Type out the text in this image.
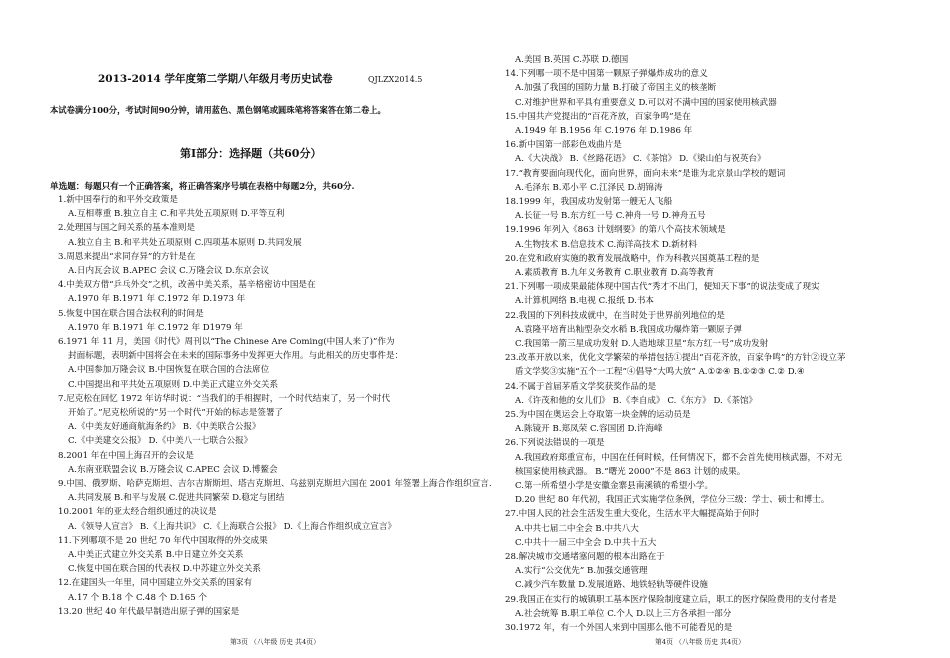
2013-2014 学年度第二学期八年级月考历史试卷	QJLZX2014.5
本试卷满分100分，考试时间90分钟，请用蓝色、黑色钢笔或圆珠笔将答案答在第二卷上。
第Ⅰ部分：选择题（共60分）
单选题：每题只有一个正确答案，将正确答案序号填在表格中每题2分，共60分.
1.新中国奉行的和平外交政策是
A.互相尊重 B.独立自主 C.和平共处五项原则 D.平等互利
2.处理国与国之间关系的基本准则是
A.独立自主 B.和平共处五项原则 C.四项基本原则 D.共同发展
3.周恩来提出“求同存异”的方针是在
A.日内瓦会议 B.APEC 会议 C.万隆会议 D.东京会议
4.中美双方借“乒乓外交”之机，改善中美关系，基辛格密访中国是在
A.1970 年 B.1971 年 C.1972 年 D.1973 年
5.恢复中国在联合国合法权利的时间是
A.1970 年 B.1971 年 C.1972 年 D1979 年
6.1971 年 11 月，美国《时代》周刊以“The Chinese Are Coming(中国人来了)”作为
封面标题，表明新中国将会在未来的国际事务中发挥更大作用。与此相关的历史事件是：
A.中国参加万隆会议 B.中国恢复在联合国的合法席位
C.中国提出和平共处五项原则 D.中美正式建立外交关系
7.尼克松在回忆 1972 年访华时说：“当我们的手相握时，一个时代结束了，另一个时代
开始了。”尼克松所说的“另一个时代”开始的标志是签署了
A.《中美友好通商航海条约》 B.《中美联合公报》
C.《中美建交公报》 D.《中美八一七联合公报》
8.2001 年在中国上海召开的会议是
A.东南亚联盟会议 B.万隆会议 C.APEC 会议 D.博鳌会
9.中国、俄罗斯、哈萨克斯坦、吉尔吉斯斯坦、塔吉克斯坦、乌兹别克斯坦六国在 2001 年签署上海合作组织宣言.
A.共同发展 B.和平与发展 C.促进共同繁荣 D.稳定与团结
10.2001 年的亚太经合组织通过的决议是
A.《领导人宣言》 B.《上海共识》 C.《上海联合公报》 D.《上海合作组织成立宣言》
11.下列哪项不是 20 世纪 70 年代中国取得的外交成果
A.中美正式建立外交关系 B.中日建立外交关系
C.恢复中国在联合国的代表权 D.中苏建立外交关系
12.在建国头一年里，同中国建立外交关系的国家有
A.17 个 B.18 个 C.48 个 D.165 个
13.20 世纪 40 年代最早制造出原子弹的国家是
第3页 （八年级 历史 共4页）
A.美国 B.英国 C.苏联 D.德国
14.下列哪一项不是中国第一颗原子弹爆炸成功的意义
A.加强了我国的国防力量 B.打破了帝国主义的核垄断
C.对维护世界和平具有重要意义 D.可以对不满中国的国家使用核武器
15.中国共产党提出的“百花齐放，百家争鸣”是在
A.1949 年 B.1956 年 C.1976 年 D.1986 年
16.新中国第一部彩色戏曲片是
A.《大决战》 B.《丝路花语》 C.《茶馆》 D.《梁山伯与祝英台》
17.“教育要面向现代化，面向世界，面向未来”是谁为北京景山学校的题词
A.毛泽东 B.邓小平 C.江泽民 D.胡锦涛
18.1999 年，我国成功发射第一艘无人飞船
A.长征一号 B.东方红一号 C.神舟一号 D.神舟五号
19.1996 年列入《863 计划纲要》的第八个高技术领域是
A.生物技术 B.信息技术 C.海洋高技术 D.新材料
20.在党和政府实施的教育发展战略中，作为科教兴国奠基工程的是
A.素质教育 B.九年义务教育 C.职业教育 D.高等教育
21.下列哪一项成果最能体现中国古代“秀才不出门，便知天下事”的说法变成了现实
A.计算机网络 B.电视 C.报纸 D.书本
22.我国的下列科技成就中，在当时处于世界前列地位的是
A.袁隆平培育出籼型杂交水稻 B.我国成功爆炸第一颗原子弹
C.我国第一箭三星成功发射 D.人造地球卫星“东方红一号”成功发射
23.改革开放以来，优化文学繁荣的举措包括①提出“百花齐放，百家争鸣”的方针②设立茅
盾文学奖③实施“五个一工程”④倡导“大鸣大放” A.①②④ B.①②③ C.② D.④
24.不属于首届茅盾文学奖获奖作品的是
A.《许茂和他的女儿们》 B.《李自成》 C.《东方》 D.《茶馆》
25.为中国在奥运会上夺取第一块金牌的运动员是
A.陈镜开 B.郑凤荣 C.容国团 D.许海峰
26.下列说法错误的一项是
A.我国政府郑重宣布，中国在任何时候，任何情况下，都不会首先使用核武器，不对无
核国家使用核武器。 B.“曙光 2000”不是 863 计划的成果。
C.第一所希望小学是安徽金寨县南溪镇的希望小学。
D.20 世纪 80 年代初，我国正式实施学位条例，学位分三级：学士、硕士和博士。
27.中国人民的社会生活发生重大变化，生活水平大幅提高始于何时
A.中共七届二中全会 B.中共八大
C.中共十一届三中全会 D.中共十五大
28.解决城市交通堵塞问题的根本出路在于
A.实行“公交优先” B.加强交通管理
C.减少汽车数量 D.发展道路、地铁轻轨等硬件设施
29.我国正在实行的城镇职工基本医疗保险制度建立后，职工的医疗保险费用的支付者是
A.社会统筹 B.职工单位 C.个人 D.以上三方各承担一部分
30.1972 年，有一个外国人来到中国那么他不可能看见的是
第4页 （八年级 历史 共4页）
